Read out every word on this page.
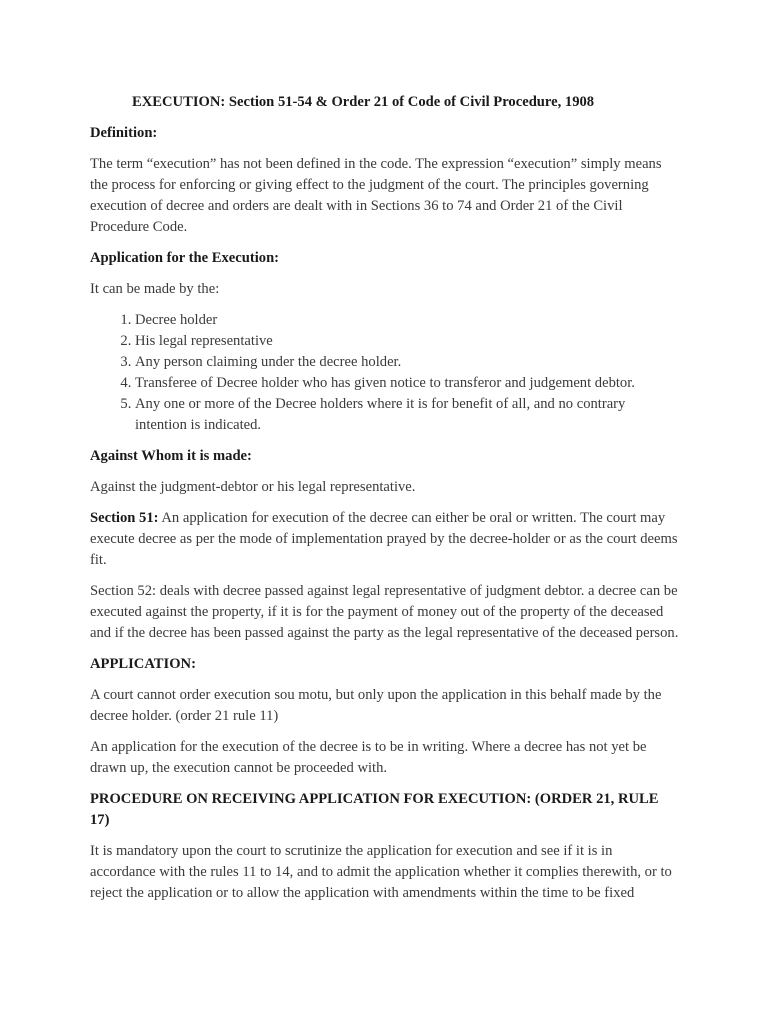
EXECUTION: Section 51-54 & Order 21 of Code of Civil Procedure, 1908
Definition:

The term “execution” has not been defined in the code. The expression “execution” simply means the process for enforcing or giving effect to the judgment of the court. The principles governing execution of decree and orders are dealt with in Sections 36 to 74 and Order 21 of the Civil Procedure Code.

Application for the Execution:

It can be made by the:

1. Decree holder
2. His legal representative
3. Any person claiming under the decree holder.
4. Transferee of Decree holder who has given notice to transferor and judgement debtor.
5. Any one or more of the Decree holders where it is for benefit of all, and no contrary intention is indicated.
Against Whom it is made:

Against the judgment-debtor or his legal representative.

Section 51: An application for execution of the decree can either be oral or written. The court may execute decree as per the mode of implementation prayed by the decree-holder or as the court deems fit.

Section 52: deals with decree passed against legal representative of judgment debtor. a decree can be executed against the property, if it is for the payment of money out of the property of the deceased and if the decree has been passed against the party as the legal representative of the deceased person.

APPLICATION:

A court cannot order execution sou motu, but only upon the application in this behalf made by the decree holder. (order 21 rule 11)

An application for the execution of the decree is to be in writing. Where a decree has not yet be drawn up, the execution cannot be proceeded with.

PROCEDURE ON RECEIVING APPLICATION FOR EXECUTION: (ORDER 21, RULE 17)

It is mandatory upon the court to scrutinize the application for execution and see if it is in accordance with the rules 11 to 14, and to admit the application whether it complies therewith, or to reject the application or to allow the application with amendments within the time to be fixed
